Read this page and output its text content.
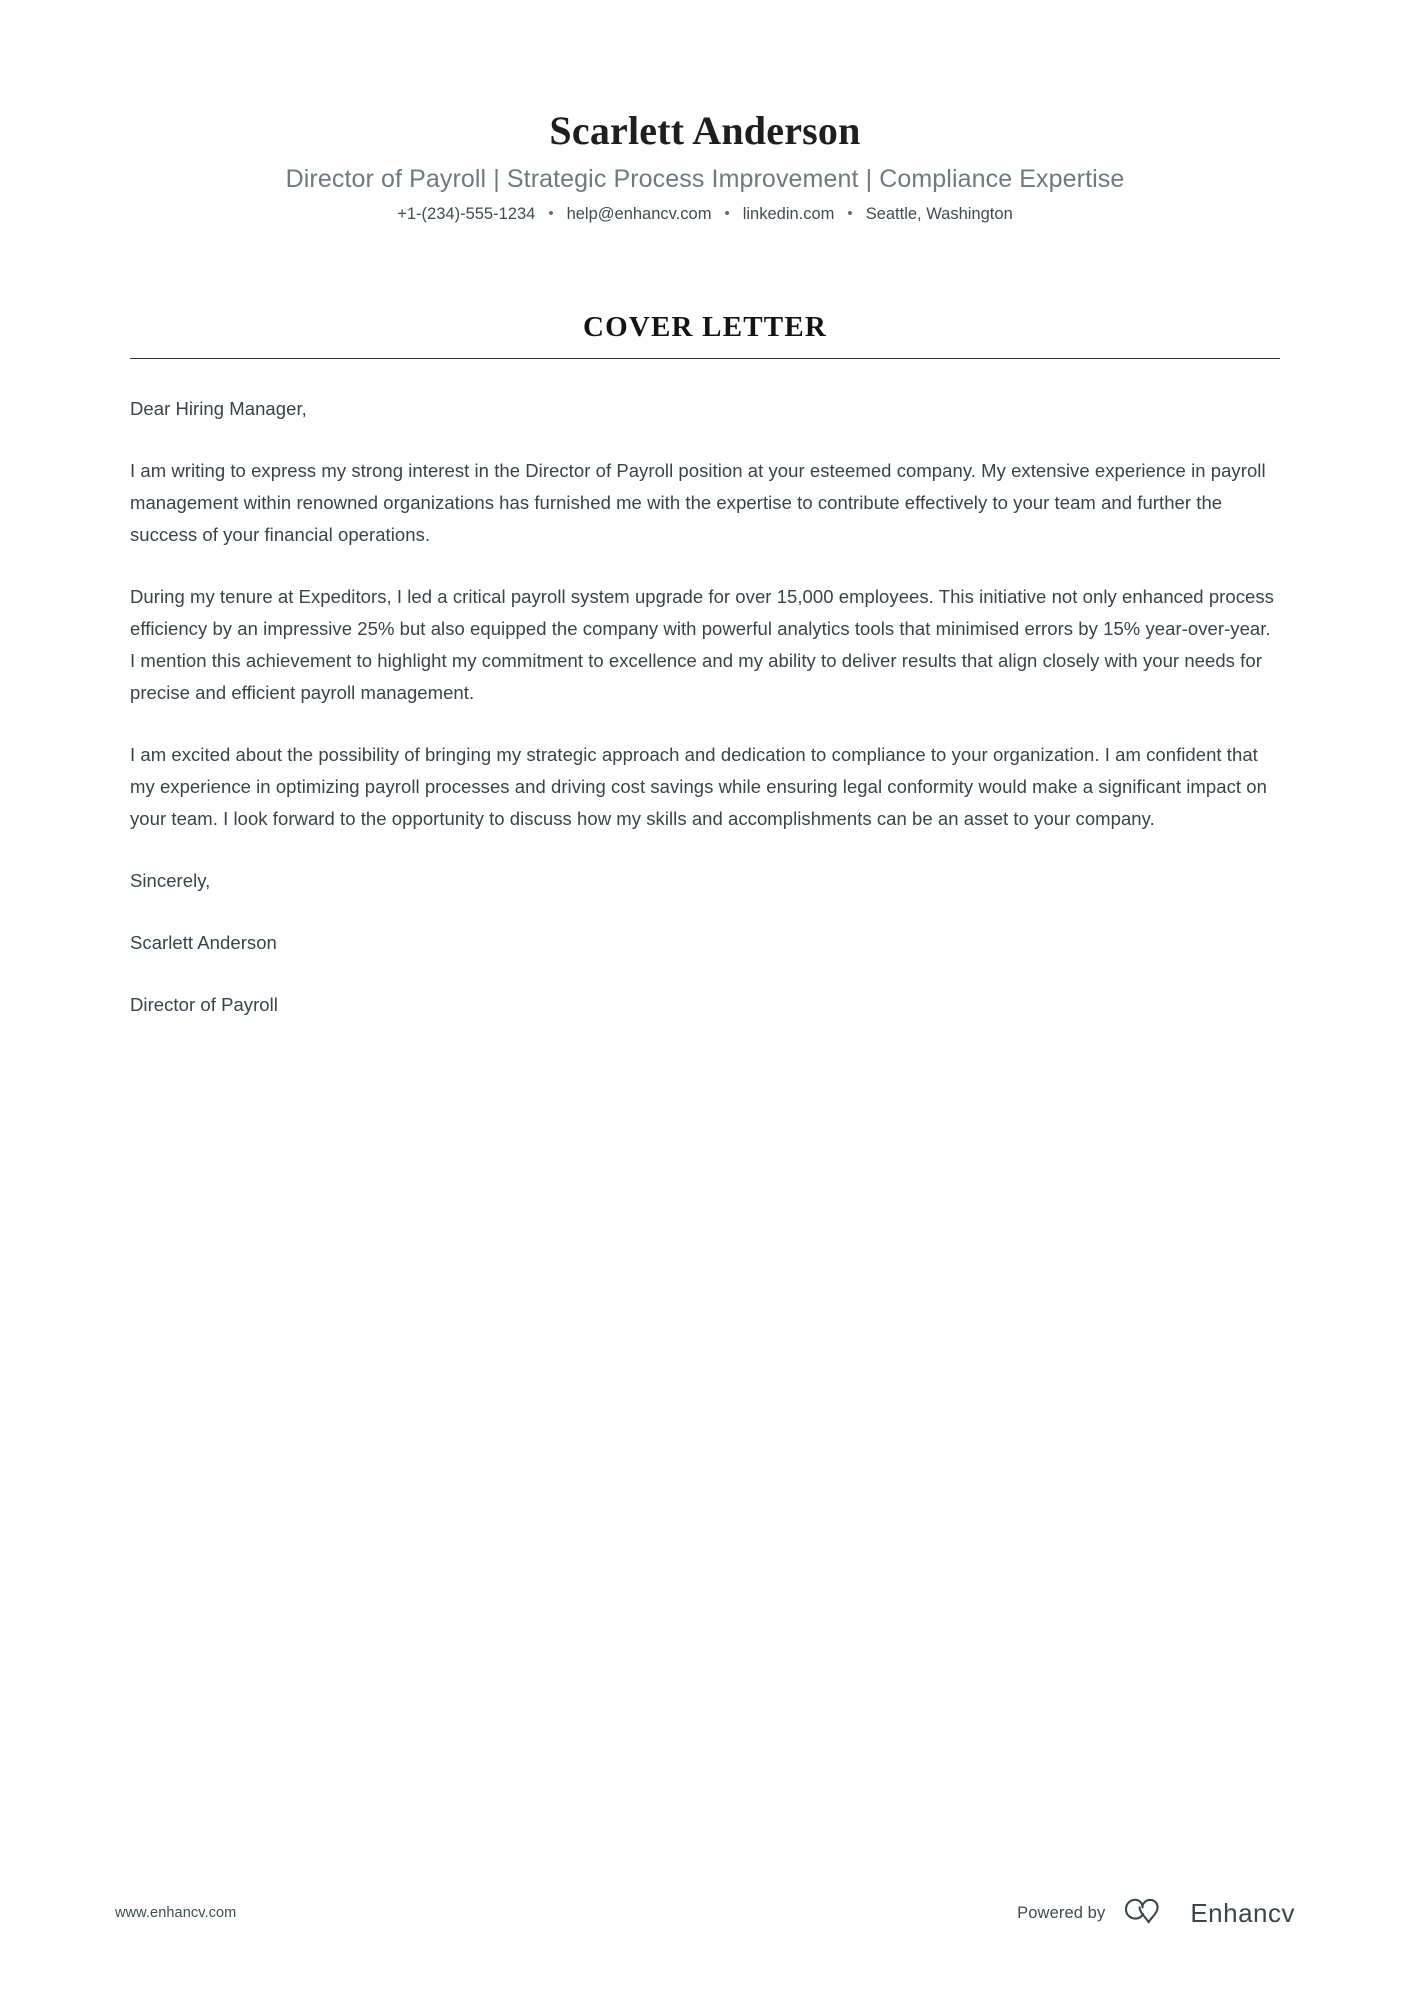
Scarlett Anderson
Director of Payroll | Strategic Process Improvement | Compliance Expertise
+1-(234)-555-1234 • help@enhancv.com • linkedin.com • Seattle, Washington
COVER LETTER

Dear Hiring Manager,

I am writing to express my strong interest in the Director of Payroll position at your esteemed company. My extensive experience in payroll management within renowned organizations has furnished me with the expertise to contribute effectively to your team and further the success of your financial operations.

During my tenure at Expeditors, I led a critical payroll system upgrade for over 15,000 employees. This initiative not only enhanced process efficiency by an impressive 25% but also equipped the company with powerful analytics tools that minimised errors by 15% year-over-year. I mention this achievement to highlight my commitment to excellence and my ability to deliver results that align closely with your needs for precise and efficient payroll management.

I am excited about the possibility of bringing my strategic approach and dedication to compliance to your organization. I am confident that my experience in optimizing payroll processes and driving cost savings while ensuring legal conformity would make a significant impact on your team. I look forward to the opportunity to discuss how my skills and accomplishments can be an asset to your company.

Sincerely,

Scarlett Anderson

Director of Payroll

www.enhancv.com	Powered by	Enhancv
